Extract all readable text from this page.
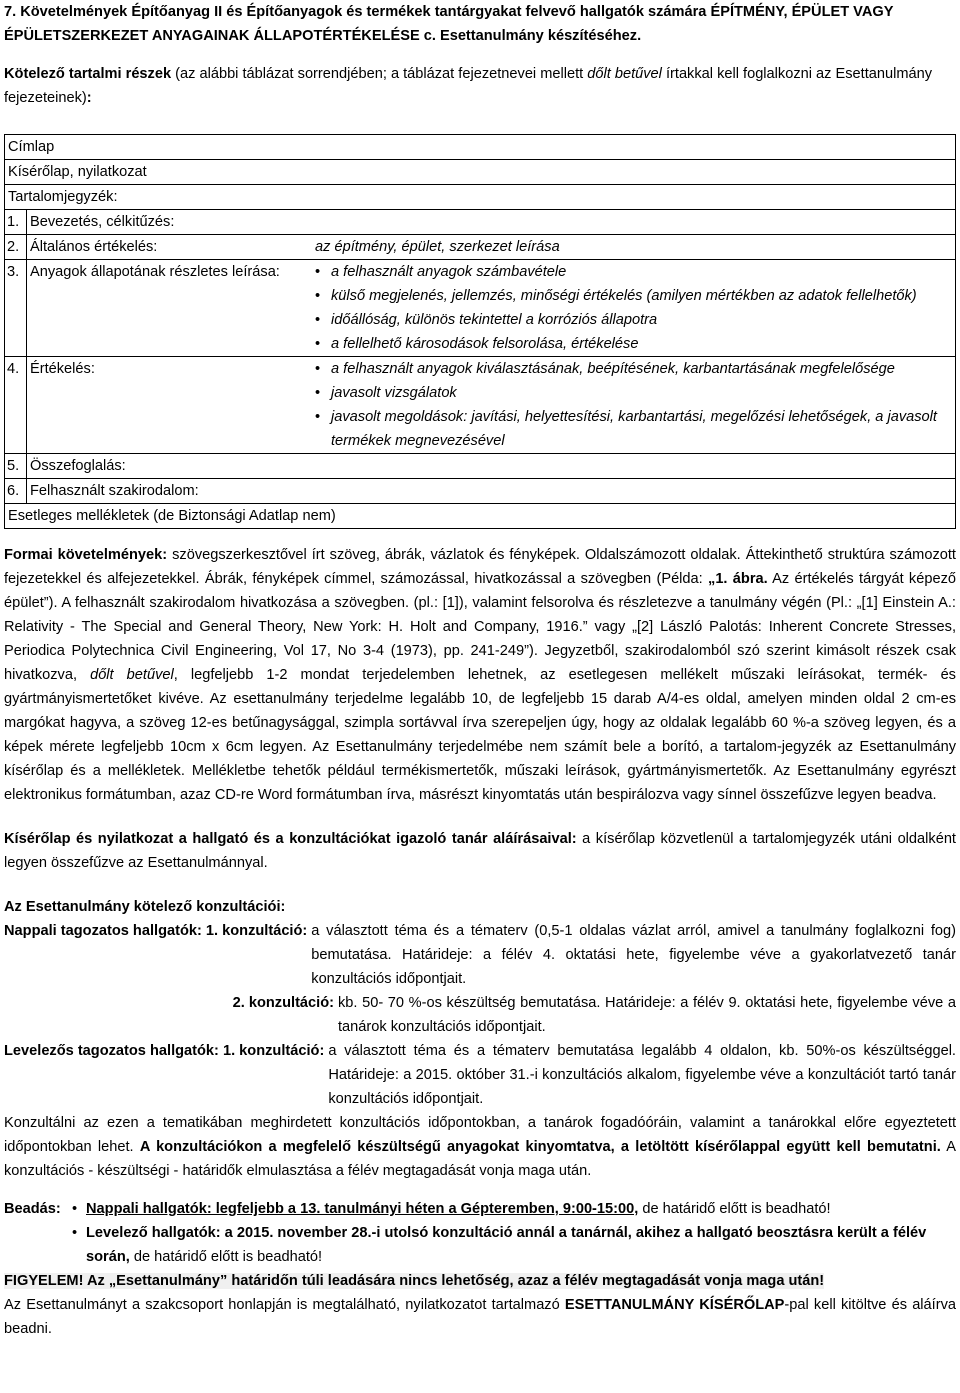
7. Követelmények Építőanyag II és Építőanyagok és termékek tantárgyakat felvevő hallgatók számára ÉPÍTMÉNY, ÉPÜLET VAGY ÉPÜLETSZERKEZET ANYAGAINAK ÁLLAPOTÉRTÉKELÉSE c. Esettanulmány készítéséhez.

Kötelező tartalmi részek (az alábbi táblázat sorrendjében; a táblázat fejezetnevei mellett dőlt betűvel írtakkal kell foglalkozni az Esettanulmány fejezeteinek):
Címlap
Kísérőlap, nyilatkozat
Tartalomjegyzék:
1. Bevezetés, célkitűzés:
2. Általános értékelés:	az építmény, épület, szerkezet leírása
3. Anyagok állapotának részletes leírása:	• a felhasznált anyagok számbavétele
• külső megjelenés, jellemzés, minőségi értékelés (amilyen mértékben az adatok fellelhetők)
• időállóság, különös tekintettel a korróziós állapotra
• a fellelhető károsodások felsorolása, értékelése
4. Értékelés:	• a felhasznált anyagok kiválasztásának, beépítésének, karbantartásának megfelelősége
• javasolt vizsgálatok
• javasolt megoldások: javítási, helyettesítési, karbantartási, megelőzési lehetőségek, a javasolt termékek megnevezésével
5. Összefoglalás:
6. Felhasznált szakirodalom:
Esetleges mellékletek (de Biztonsági Adatlap nem)
Formai követelmények: szövegszerkesztővel írt szöveg, ábrák, vázlatok és fényképek. Oldalszámozott oldalak. Áttekinthető struktúra számozott fejezetekkel és alfejezetekkel. Ábrák, fényképek címmel, számozással, hivatkozással a szövegben (Példa: „1. ábra. Az értékelés tárgyát képező épület”). A felhasznált szakirodalom hivatkozása a szövegben. (pl.: [1]), valamint felsorolva és részletezve a tanulmány végén (Pl.: „[1] Einstein A.: Relativity - The Special and General Theory, New York: H. Holt and Company, 1916.” vagy „[2] László Palotás: Inherent Concrete Stresses, Periodica Polytechnica Civil Engineering, Vol 17, No 3-4 (1973), pp. 241-249”). Jegyzetből, szakirodalomból szó szerint kimásolt részek csak hivatkozva, dőlt betűvel, legfeljebb 1-2 mondat terjedelemben lehetnek, az esetlegesen mellékelt műszaki leírásokat, termék- és gyártmányismertetőket kivéve. Az esettanulmány terjedelme legalább 10, de legfeljebb 15 darab A/4-es oldal, amelyen minden oldal 2 cm-es margókat hagyva, a szöveg 12-es betűnagysággal, szimpla sortávval írva szerepeljen úgy, hogy az oldalak legalább 60 %-a szöveg legyen, és a képek mérete legfeljebb 10cm x 6cm legyen. Az Esettanulmány terjedelmébe nem számít bele a borító, a tartalom-jegyzék az Esettanulmány kísérőlap és a mellékletek. Mellékletbe tehetők például termékismertetők, műszaki leírások, gyártmányismertetők. Az Esettanulmány egyrészt elektronikus formátumban, azaz CD-re Word formátumban írva, másrészt kinyomtatás után bespirálozva vagy sínnel összefűzve legyen beadva.
Kísérőlap és nyilatkozat a hallgató és a konzultációkat igazoló tanár aláírásaival: a kísérőlap közvetlenül a tartalomjegyzék utáni oldalként legyen összefűzve az Esettanulmánnyal.
Az Esettanulmány kötelező konzultációi:
Nappali tagozatos hallgatók: 1. konzultáció: a választott téma és a tématerv (0,5-1 oldalas vázlat arról, amivel a tanulmány foglalkozni fog) bemutatása. Határideje: a félév 4. oktatási hete, figyelembe véve a gyakorlatvezető tanár konzultációs időpontjait.
2. konzultáció: kb. 50- 70 %-os készültség bemutatása. Határideje: a félév 9. oktatási hete, figyelembe véve a tanárok konzultációs időpontjait.
Levelezős tagozatos hallgatók: 1. konzultáció: a választott téma és a tématerv bemutatása legalább 4 oldalon, kb. 50%-os készültséggel. Határideje: a 2015. október 31.-i konzultációs alkalom, figyelembe véve a konzultációt tartó tanár konzultációs időpontjait.
Konzultálni az ezen a tematikában meghirdetett konzultációs időpontokban, a tanárok fogadóóráin, valamint a tanárokkal előre egyeztetett időpontokban lehet. A konzultációkon a megfelelő készültségű anyagokat kinyomtatva, a letöltött kísérőlappal együtt kell bemutatni. A konzultációs - készültségi - határidők elmulasztása a félév megtagadását vonja maga után.
Beadás:	• Nappali hallgatók: legfeljebb a 13. tanulmányi héten a Gépteremben, 9:00-15:00, de határidő előtt is beadható!
• Levelező hallgatók: a 2015. november 28.-i utolsó konzultáció annál a tanárnál, akihez a hallgató beosztásra került a félév során, de határidő előtt is beadható!
FIGYELEM! Az „Esettanulmány” határidőn túli leadására nincs lehetőség, azaz a félév megtagadását vonja maga után!
Az Esettanulmányt a szakcsoport honlapján is megtalálható, nyilatkozatot tartalmazó ESETTANULMÁNY KÍSÉRŐLAP-pal kell kitöltve és aláírva beadni.
